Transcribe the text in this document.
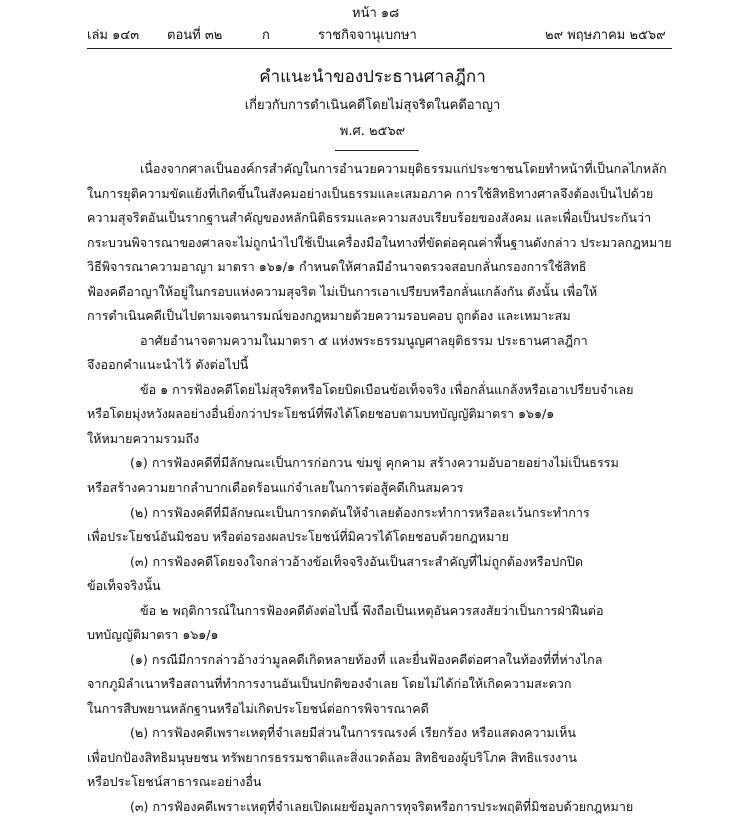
หน้า ๑๘
เล่ม ๑๔๓ ตอนที่ ๓๒	ก	ราชกิจจานุเบกษา	๒๙ พฤษภาคม ๒๕๖๙
คำแนะนำของประธานศาลฎีกา
เกี่ยวกับการดำเนินคดีโดยไม่สุจริตในคดีอาญา
พ.ศ. ๒๕๖๙
เนื่องจากศาลเป็นองค์กรสำคัญในการอำนวยความยุติธรรมแก่ประชาชนโดยทำหน้าที่เป็นกลไกหลัก
ในการยุติความขัดแย้งที่เกิดขึ้นในสังคมอย่างเป็นธรรมและเสมอภาค การใช้สิทธิทางศาลจึงต้องเป็นไปด้วย
ความสุจริตอันเป็นรากฐานสำคัญของหลักนิติธรรมและความสงบเรียบร้อยของสังคม และเพื่อเป็นประกันว่า
กระบวนพิจารณาของศาลจะไม่ถูกนำไปใช้เป็นเครื่องมือในทางที่ขัดต่อคุณค่าพื้นฐานดังกล่าว ประมวลกฎหมาย
วิธีพิจารณาความอาญา มาตรา ๑๖๑/๑ กำหนดให้ศาลมีอำนาจตรวจสอบกลั่นกรองการใช้สิทธิ
ฟ้องคดีอาญาให้อยู่ในกรอบแห่งความสุจริต ไม่เป็นการเอาเปรียบหรือกลั่นแกล้งกัน ดังนั้น เพื่อให้
การดำเนินคดีเป็นไปตามเจตนารมณ์ของกฎหมายด้วยความรอบคอบ ถูกต้อง และเหมาะสม
อาศัยอำนาจตามความในมาตรา ๕ แห่งพระธรรมนูญศาลยุติธรรม ประธานศาลฎีกา
จึงออกคำแนะนำไว้ ดังต่อไปนี้
ข้อ ๑ การฟ้องคดีโดยไม่สุจริตหรือโดยบิดเบือนข้อเท็จจริง เพื่อกลั่นแกล้งหรือเอาเปรียบจำเลย
หรือโดยมุ่งหวังผลอย่างอื่นยิ่งกว่าประโยชน์ที่พึงได้โดยชอบตามบทบัญญัติมาตรา ๑๖๑/๑
ให้หมายความรวมถึง
(๑) การฟ้องคดีที่มีลักษณะเป็นการก่อกวน ข่มขู่ คุกคาม สร้างความอับอายอย่างไม่เป็นธรรม
หรือสร้างความยากลำบากเดือดร้อนแก่จำเลยในการต่อสู้คดีเกินสมควร
(๒) การฟ้องคดีที่มีลักษณะเป็นการกดดันให้จำเลยต้องกระทำการหรือละเว้นกระทำการ
เพื่อประโยชน์อันมิชอบ หรือต่อรองผลประโยชน์ที่มิควรได้โดยชอบด้วยกฎหมาย
(๓) การฟ้องคดีโดยจงใจกล่าวอ้างข้อเท็จจริงอันเป็นสาระสำคัญที่ไม่ถูกต้องหรือปกปิด
ข้อเท็จจริงนั้น
ข้อ ๒ พฤติการณ์ในการฟ้องคดีดังต่อไปนี้ พึงถือเป็นเหตุอันควรสงสัยว่าเป็นการฝ่าฝืนต่อ
บทบัญญัติมาตรา ๑๖๑/๑
(๑) กรณีมีการกล่าวอ้างว่ามูลคดีเกิดหลายท้องที่ และยื่นฟ้องคดีต่อศาลในท้องที่ที่ห่างไกล
จากภูมิลำเนาหรือสถานที่ทำการงานอันเป็นปกติของจำเลย โดยไม่ได้ก่อให้เกิดความสะดวก
ในการสืบพยานหลักฐานหรือไม่เกิดประโยชน์ต่อการพิจารณาคดี
(๒) การฟ้องคดีเพราะเหตุที่จำเลยมีส่วนในการรณรงค์ เรียกร้อง หรือแสดงความเห็น
เพื่อปกป้องสิทธิมนุษยชน ทรัพยากรธรรมชาติและสิ่งแวดล้อม สิทธิของผู้บริโภค สิทธิแรงงาน
หรือประโยชน์สาธารณะอย่างอื่น
(๓) การฟ้องคดีเพราะเหตุที่จำเลยเปิดเผยข้อมูลการทุจริตหรือการประพฤติที่มิชอบด้วยกฎหมาย
